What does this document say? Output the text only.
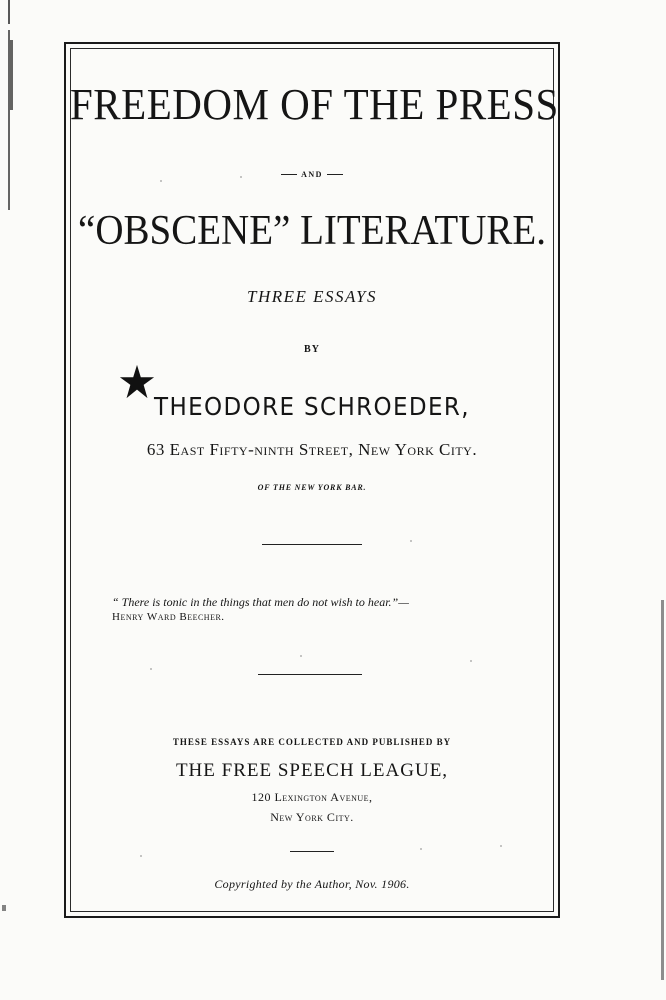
FREEDOM OF THE PRESS
AND
“OBSCENE” LITERATURE.
THREE ESSAYS
BY
THEODORE SCHROEDER,
63 East Fifty-ninth Street, New York City.
OF THE NEW YORK BAR.
“ There is tonic in the things that men do not wish to hear.”—
Henry Ward Beecher.
THESE ESSAYS ARE COLLECTED AND PUBLISHED BY
THE FREE SPEECH LEAGUE,
120 Lexington Avenue,
New York City.
Copyrighted by the Author, Nov. 1906.
